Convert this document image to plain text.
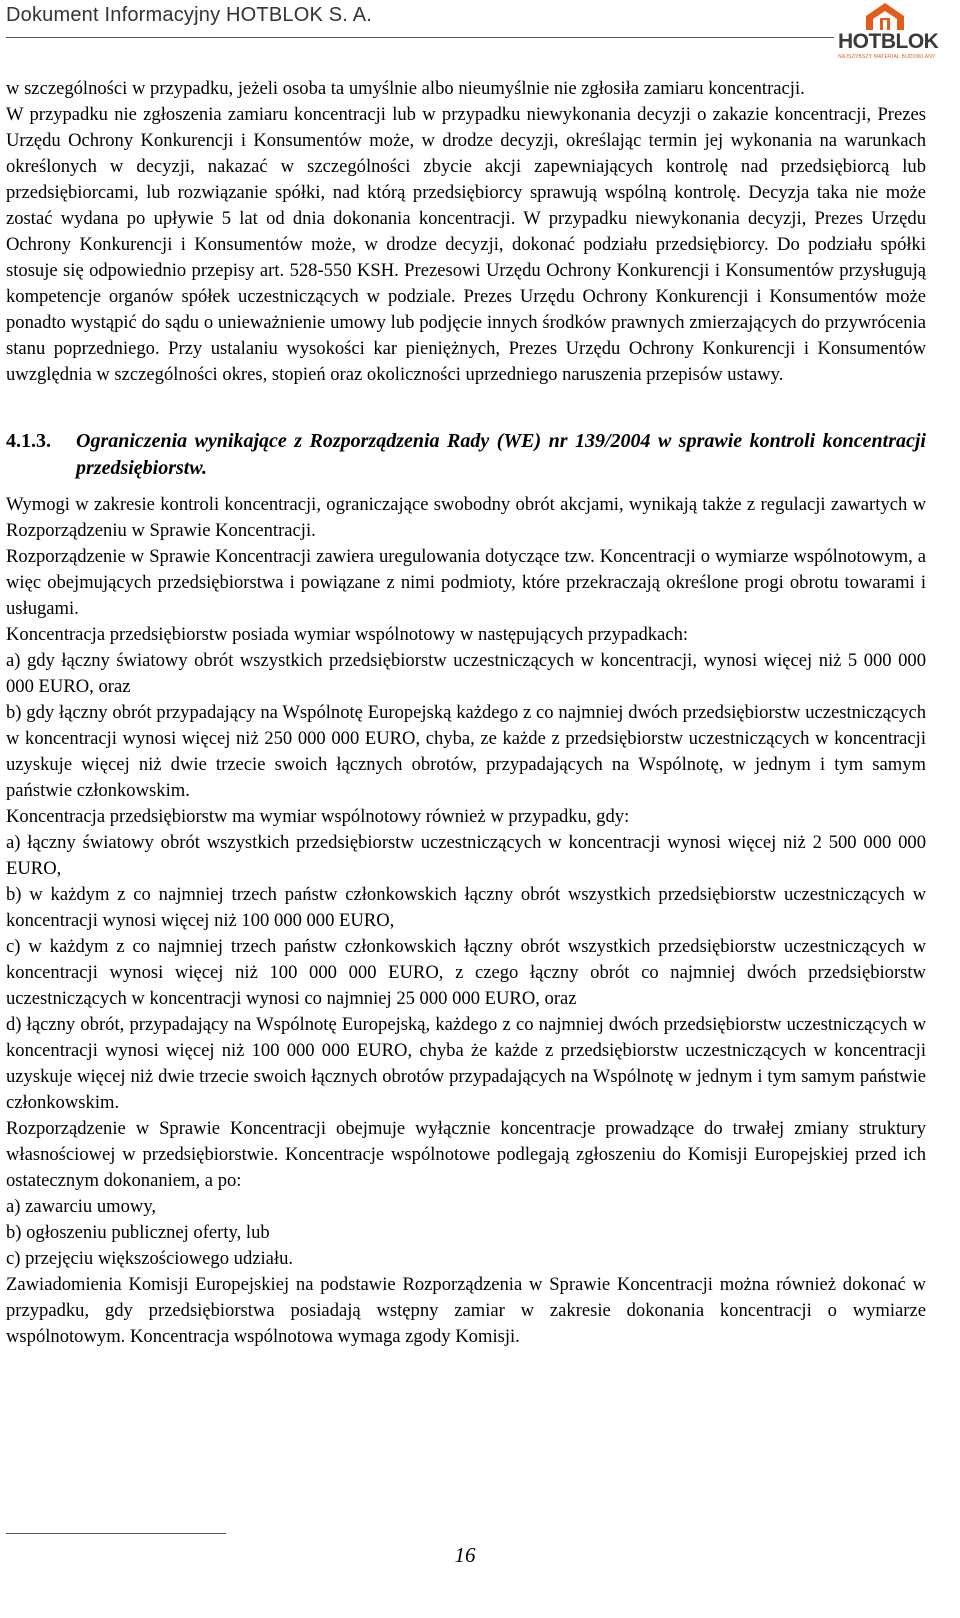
Dokument Informacyjny HOTBLOK S. A.
HOTBLOK
NAJSZYBSZY MATERIAŁ BUDOWLANY

w szczególności w przypadku, jeżeli osoba ta umyślnie albo nieumyślnie nie zgłosiła zamiaru koncentracji.

W przypadku nie zgłoszenia zamiaru koncentracji lub w przypadku niewykonania decyzji o zakazie koncentracji, Prezes Urzędu Ochrony Konkurencji i Konsumentów może, w drodze decyzji, określając termin jej wykonania na warunkach określonych w decyzji, nakazać w szczególności zbycie akcji zapewniających kontrolę nad przedsiębiorcą lub przedsiębiorcami, lub rozwiązanie spółki, nad którą przedsiębiorcy sprawują wspólną kontrolę. Decyzja taka nie może zostać wydana po upływie 5 lat od dnia dokonania koncentracji. W przypadku niewykonania decyzji, Prezes Urzędu Ochrony Konkurencji i Konsumentów może, w drodze decyzji, dokonać podziału przedsiębiorcy. Do podziału spółki stosuje się odpowiednio przepisy art. 528-550 KSH. Prezesowi Urzędu Ochrony Konkurencji i Konsumentów przysługują kompetencje organów spółek uczestniczących w podziale. Prezes Urzędu Ochrony Konkurencji i Konsumentów może ponadto wystąpić do sądu o unieważnienie umowy lub podjęcie innych środków prawnych zmierzających do przywrócenia stanu poprzedniego. Przy ustalaniu wysokości kar pieniężnych, Prezes Urzędu Ochrony Konkurencji i Konsumentów uwzględnia w szczególności okres, stopień oraz okoliczności uprzedniego naruszenia przepisów ustawy.

4.1.3.	Ograniczenia wynikające z Rozporządzenia Rady (WE) nr 139/2004 w sprawie kontroli koncentracji przedsiębiorstw.

Wymogi w zakresie kontroli koncentracji, ograniczające swobodny obrót akcjami, wynikają także z regulacji zawartych w Rozporządzeniu w Sprawie Koncentracji.

Rozporządzenie w Sprawie Koncentracji zawiera uregulowania dotyczące tzw. Koncentracji o wymiarze wspólnotowym, a więc obejmujących przedsiębiorstwa i powiązane z nimi podmioty, które przekraczają określone progi obrotu towarami i usługami.

Koncentracja przedsiębiorstw posiada wymiar wspólnotowy w następujących przypadkach:

a) gdy łączny światowy obrót wszystkich przedsiębiorstw uczestniczących w koncentracji, wynosi więcej niż 5 000 000 000 EURO, oraz

b) gdy łączny obrót przypadający na Wspólnotę Europejską każdego z co najmniej dwóch przedsiębiorstw uczestniczących w koncentracji wynosi więcej niż 250 000 000 EURO, chyba, ze każde z przedsiębiorstw uczestniczących w koncentracji uzyskuje więcej niż dwie trzecie swoich łącznych obrotów, przypadających na Wspólnotę, w jednym i tym samym państwie członkowskim.

Koncentracja przedsiębiorstw ma wymiar wspólnotowy również w przypadku, gdy:

a) łączny światowy obrót wszystkich przedsiębiorstw uczestniczących w koncentracji wynosi więcej niż 2 500 000 000 EURO,

b) w każdym z co najmniej trzech państw członkowskich łączny obrót wszystkich przedsiębiorstw uczestniczących w koncentracji wynosi więcej niż 100 000 000 EURO,

c) w każdym z co najmniej trzech państw członkowskich łączny obrót wszystkich przedsiębiorstw uczestniczących w koncentracji wynosi więcej niż 100 000 000 EURO, z czego łączny obrót co najmniej dwóch przedsiębiorstw uczestniczących w koncentracji wynosi co najmniej 25 000 000 EURO, oraz

d) łączny obrót, przypadający na Wspólnotę Europejską, każdego z co najmniej dwóch przedsiębiorstw uczestniczących w koncentracji wynosi więcej niż 100 000 000 EURO, chyba że każde z przedsiębiorstw uczestniczących w koncentracji uzyskuje więcej niż dwie trzecie swoich łącznych obrotów przypadających na Wspólnotę w jednym i tym samym państwie członkowskim.

Rozporządzenie w Sprawie Koncentracji obejmuje wyłącznie koncentracje prowadzące do trwałej zmiany struktury własnościowej w przedsiębiorstwie. Koncentracje wspólnotowe podlegają zgłoszeniu do Komisji Europejskiej przed ich ostatecznym dokonaniem, a po:

a) zawarciu umowy,

b) ogłoszeniu publicznej oferty, lub

c) przejęciu większościowego udziału.

Zawiadomienia Komisji Europejskiej na podstawie Rozporządzenia w Sprawie Koncentracji można również dokonać w przypadku, gdy przedsiębiorstwa posiadają wstępny zamiar w zakresie dokonania koncentracji o wymiarze wspólnotowym. Koncentracja wspólnotowa wymaga zgody Komisji.

16
